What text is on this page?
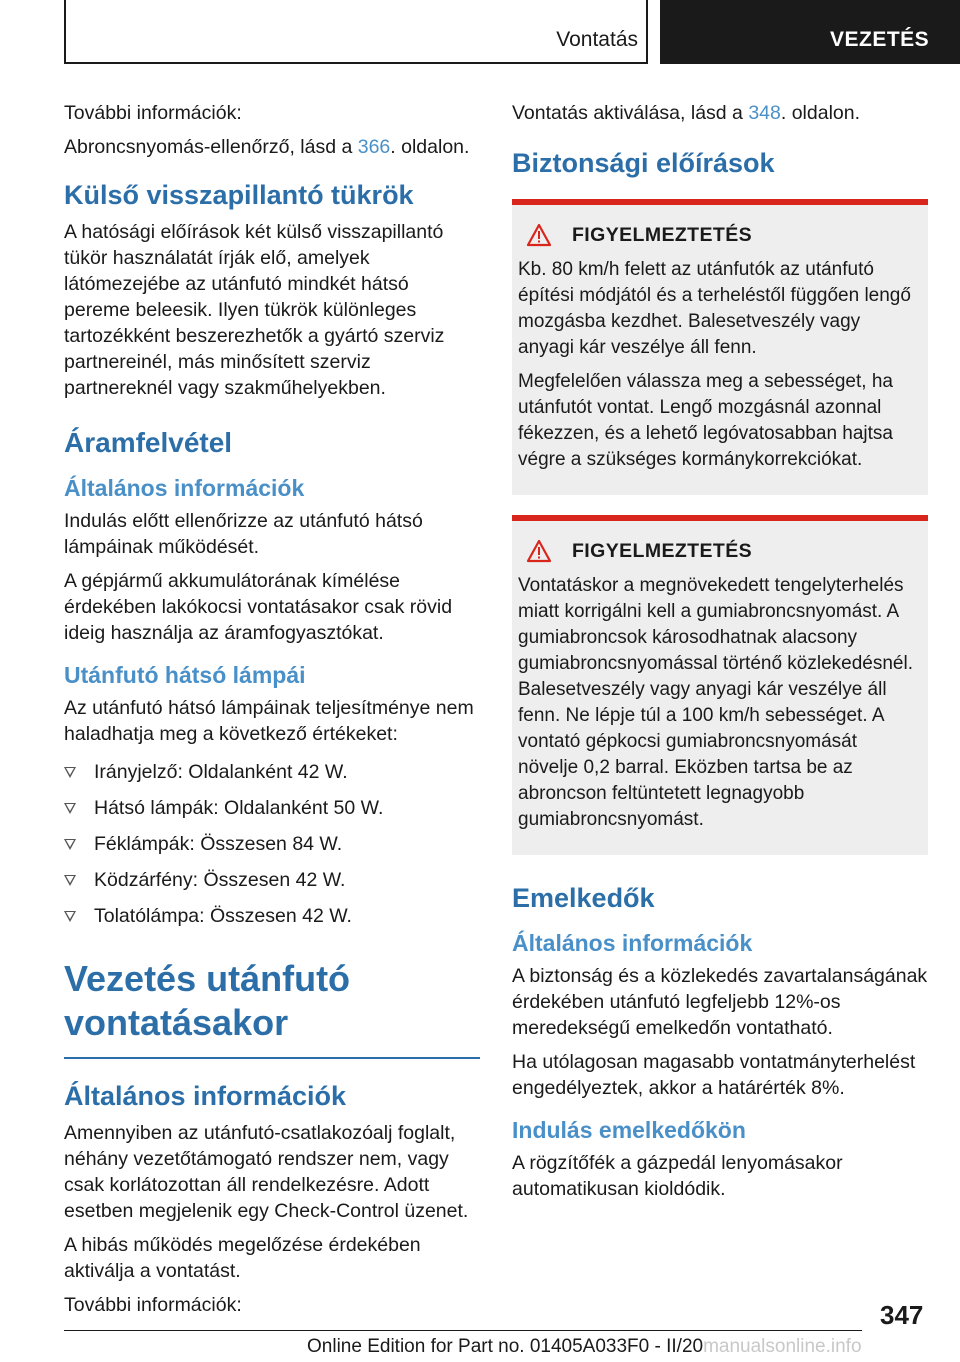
Vontatás	VEZETÉS

További információk:

Abroncsnyomás-ellenőrző, lásd a 366. oldalon.

Külső visszapillantó tükrök

A hatósági előírások két külső visszapillantó tükör használatát írják elő, amelyek látómezejébe az utánfutó mindkét hátsó pereme beleesik. Ilyen tükrök különleges tartozékként beszerezhetők a gyártó szerviz partnereinél, más minősített szerviz partnereknél vagy szakműhelyekben.

Áramfelvétel
Általános információk

Indulás előtt ellenőrizze az utánfutó hátsó lámpáinak működését.

A gépjármű akkumulátorának kímélése érdekében lakókocsi vontatásakor csak rövid ideig használja az áramfogyasztókat.

Utánfutó hátsó lámpái

Az utánfutó hátsó lámpáinak teljesítménye nem haladhatja meg a következő értékeket:

Irányjelző: Oldalanként 42 W.
Hátsó lámpák: Oldalanként 50 W.
Féklámpák: Összesen 84 W.
Ködzárfény: Összesen 42 W.
Tolatólámpa: Összesen 42 W.
Vezetés utánfutó vontatásakor
Általános információk

Amennyiben az utánfutó-csatlakozóalj foglalt, néhány vezetőtámogató rendszer nem, vagy csak korlátozottan áll rendelkezésre. Adott esetben megjelenik egy Check-Control üzenet.

A hibás működés megelőzése érdekében aktiválja a vontatást.

További információk:

Vontatás aktiválása, lásd a 348. oldalon.

Biztonsági előírások
FIGYELMEZTETÉS

Kb. 80 km/h felett az utánfutók az utánfutó építési módjától és a terheléstől függően lengő mozgásba kezdhet. Balesetveszély vagy anyagi kár veszélye áll fenn.

Megfelelően válassza meg a sebességet, ha utánfutót vontat. Lengő mozgásnál azonnal fékezzen, és a lehető legóvatosabban hajtsa végre a szükséges kormánykorrekciókat.

FIGYELMEZTETÉS

Vontatáskor a megnövekedett tengelyterhelés miatt korrigálni kell a gumiabroncsnyomást. A gumiabroncsok károsodhatnak alacsony gumiabroncsnyomással történő közlekedésnél. Balesetveszély vagy anyagi kár veszélye áll fenn. Ne lépje túl a 100 km/h sebességet. A vontató gépkocsi gumiabroncsnyomását növelje 0,2 barral. Eközben tartsa be az abroncson feltüntetett legnagyobb gumiabroncsnyomást.

Emelkedők
Általános információk

A biztonság és a közlekedés zavartalanságának érdekében utánfutó legfeljebb 12%-os meredekségű emelkedőn vontatható.

Ha utólagosan magasabb vontatmányterhelést engedélyeztek, akkor a határérték 8%.

Indulás emelkedőkön

A rögzítőfék a gázpedál lenyomásakor automatikusan kioldódik.

347
Online Edition for Part no. 01405A033F0 - II/20manualsonline.info
